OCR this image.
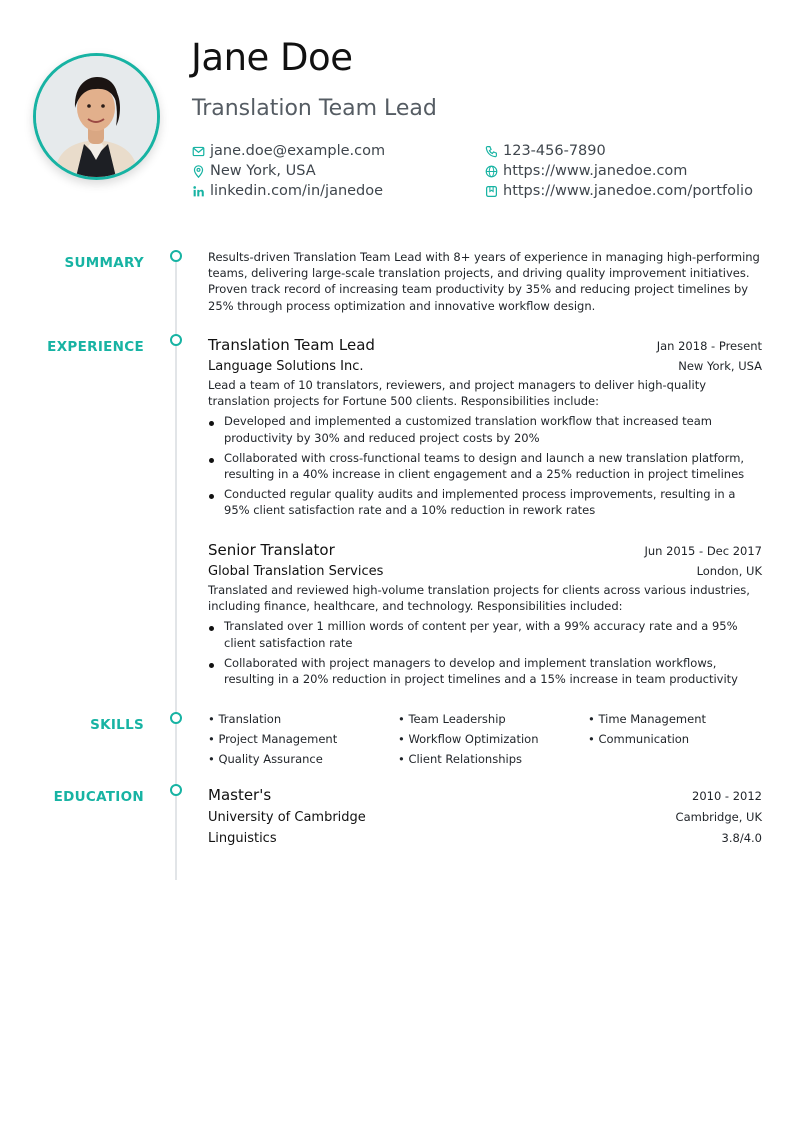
Jane Doe
Translation Team Lead
jane.doe@example.com	123-456-7890
New York, USA	https://www.janedoe.com
linkedin.com/in/janedoe	https://www.janedoe.com/portfolio
SUMMARY	Results-driven Translation Team Lead with 8+ years of experience in managing high-performing teams, delivering large-scale translation projects, and driving quality improvement initiatives. Proven track record of increasing team productivity by 35% and reducing project timelines by 25% through process optimization and innovative workflow design.
EXPERIENCE	Translation Team Lead	Jan 2018 - Present
Language Solutions Inc.	New York, USA
Lead a team of 10 translators, reviewers, and project managers to deliver high-quality translation projects for Fortune 500 clients. Responsibilities include:
Developed and implemented a customized translation workflow that increased team productivity by 30% and reduced project costs by 20%
Collaborated with cross-functional teams to design and launch a new translation platform, resulting in a 40% increase in client engagement and a 25% reduction in project timelines
Conducted regular quality audits and implemented process improvements, resulting in a 95% client satisfaction rate and a 10% reduction in rework rates
Senior Translator	Jun 2015 - Dec 2017
Global Translation Services	London, UK
Translated and reviewed high-volume translation projects for clients across various industries, including finance, healthcare, and technology. Responsibilities included:
Translated over 1 million words of content per year, with a 99% accuracy rate and a 95% client satisfaction rate
Collaborated with project managers to develop and implement translation workflows, resulting in a 20% reduction in project timelines and a 15% increase in team productivity
SKILLS	• Translation	• Team Leadership	• Time Management
• Project Management	• Workflow Optimization	• Communication
• Quality Assurance	• Client Relationships
EDUCATION	Master's	2010 - 2012
University of Cambridge	Cambridge, UK
Linguistics	3.8/4.0
